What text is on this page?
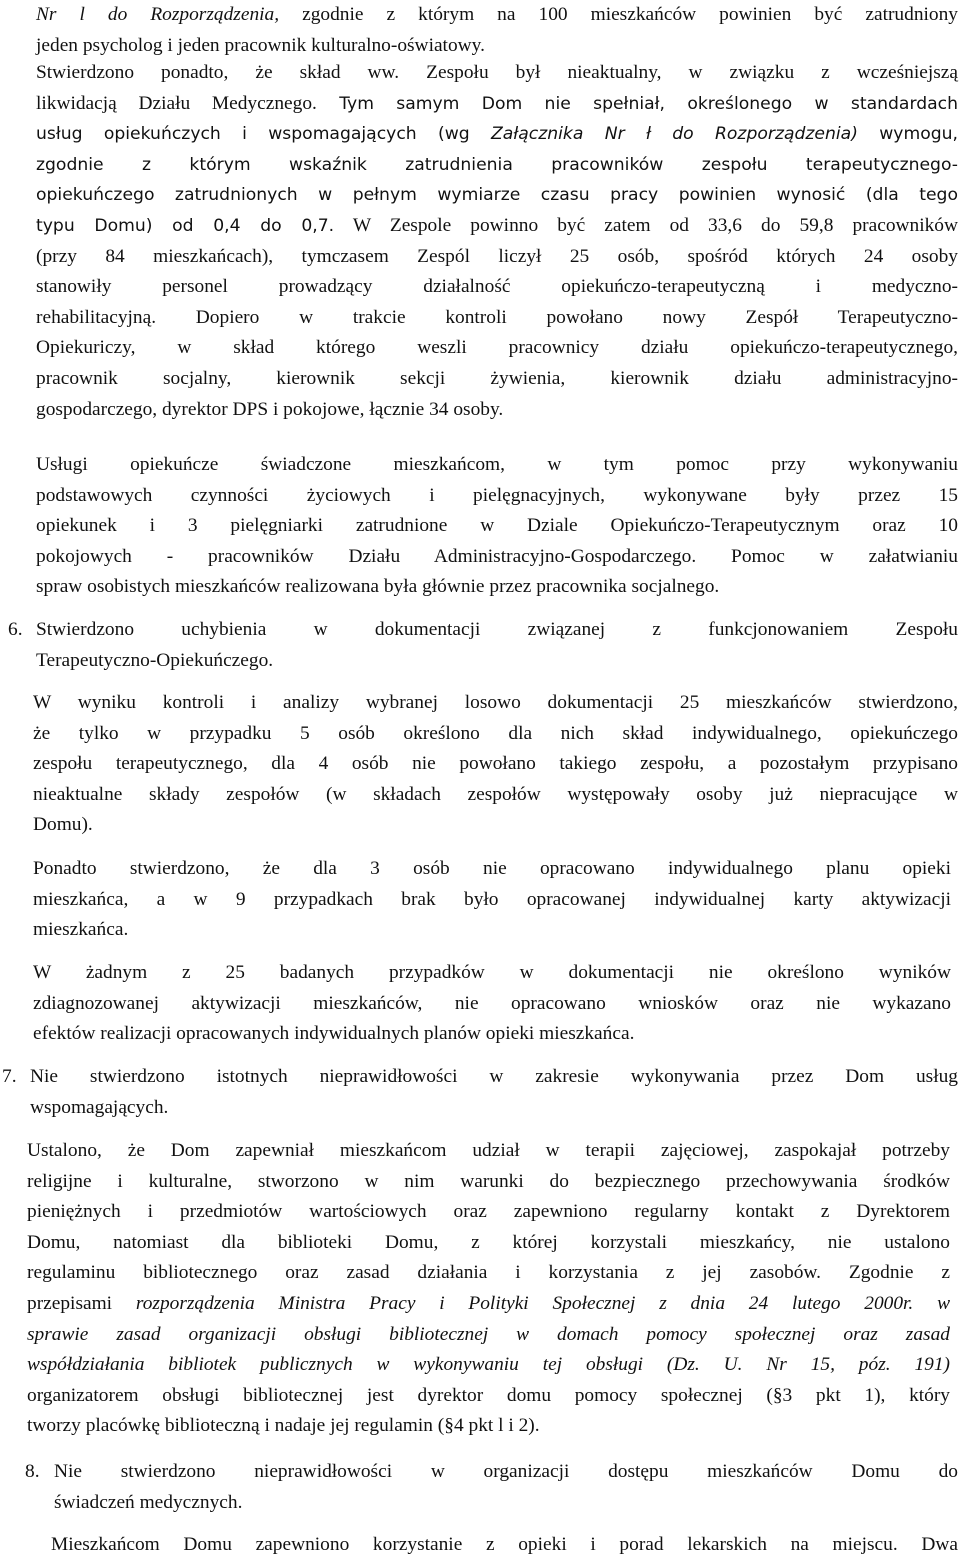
Nr l do Rozporządzenia, zgodnie z którym na 100 mieszkańców powinien być zatrudniony
jeden psycholog i jeden pracownik kulturalno-oświatowy.
Stwierdzono ponadto, że skład ww. Zespołu był nieaktualny, w związku z wcześniejszą
likwidacją Działu Medycznego. Tym samym Dom nie spełniał, określonego w standardach
usług opiekuńczych i wspomagających (wg Załącznika Nr ł do Rozporządzenia) wymogu,
zgodnie z którym wskaźnik zatrudnienia pracowników zespołu terapeutycznego-
opiekuńczego zatrudnionych w pełnym wymiarze czasu pracy powinien wynosić (dla tego
typu Domu) od 0,4 do 0,7. W Zespole powinno być zatem od 33,6 do 59,8 pracowników
(przy 84 mieszkańcach), tymczasem Zespól liczył 25 osób, spośród których 24 osoby
stanowiły personel prowadzący działalność opiekuńczo-terapeutyczną i medyczno-
rehabilitacyjną. Dopiero w trakcie kontroli powołano nowy Zespół Terapeutyczno-
Opiekuriczy, w skład którego weszli pracownicy działu opiekuńczo-terapeutycznego,
pracownik socjalny, kierownik sekcji żywienia, kierownik działu administracyjno-
gospodarczego, dyrektor DPS i pokojowe, łącznie 34 osoby.
Usługi opiekuńcze świadczone mieszkańcom, w tym pomoc przy wykonywaniu
podstawowych czynności życiowych i pielęgnacyjnych, wykonywane były przez 15
opiekunek i 3 pielęgniarki zatrudnione w Dziale Opiekuńczo-Terapeutycznym oraz 10
pokojowych - pracowników Działu Administracyjno-Gospodarczego. Pomoc w załatwianiu
spraw osobistych mieszkańców realizowana była głównie przez pracownika socjalnego.
6. Stwierdzono uchybienia w dokumentacji związanej z funkcjonowaniem Zespołu
Terapeutyczno-Opiekuńczego.
W wyniku kontroli i analizy wybranej losowo dokumentacji 25 mieszkańców stwierdzono,
że tylko w przypadku 5 osób określono dla nich skład indywidualnego, opiekuńczego
zespołu terapeutycznego, dla 4 osób nie powołano takiego zespołu, a pozostałym przypisano
nieaktualne składy zespołów (w składach zespołów występowały osoby już niepracujące w
Domu).
Ponadto stwierdzono, że dla 3 osób nie opracowano indywidualnego planu opieki
mieszkańca, a w 9 przypadkach brak było opracowanej indywidualnej karty aktywizacji
mieszkańca.
W żadnym z 25 badanych przypadków w dokumentacji nie określono wyników
zdiagnozowanej aktywizacji mieszkańców, nie opracowano wniosków oraz nie wykazano
efektów realizacji opracowanych indywidualnych planów opieki mieszkańca.
7. Nie stwierdzono istotnych nieprawidłowości w zakresie wykonywania przez Dom usług
wspomagających.
Ustalono, że Dom zapewniał mieszkańcom udział w terapii zajęciowej, zaspokajał potrzeby
religijne i kulturalne, stworzono w nim warunki do bezpiecznego przechowywania środków
pieniężnych i przedmiotów wartościowych oraz zapewniono regularny kontakt z Dyrektorem
Domu, natomiast dla biblioteki Domu, z której korzystali mieszkańcy, nie ustalono
regulaminu bibliotecznego oraz zasad działania i korzystania z jej zasobów. Zgodnie z
przepisami rozporządzenia Ministra Pracy i Polityki Społecznej z dnia 24 lutego 2000r. w
sprawie zasad organizacji obsługi bibliotecznej w domach pomocy społecznej oraz zasad
współdziałania bibliotek publicznych w wykonywaniu tej obsługi (Dz. U. Nr 15, póz. 191)
organizatorem obsługi bibliotecznej jest dyrektor domu pomocy społecznej (§3 pkt 1), który
tworzy placówkę biblioteczną i nadaje jej regulamin (§4 pkt l i 2).
8. Nie stwierdzono nieprawidłowości w organizacji dostępu mieszkańców Domu do
świadczeń medycznych.
Mieszkańcom Domu zapewniono korzystanie z opieki i porad lekarskich na miejscu. Dwa
